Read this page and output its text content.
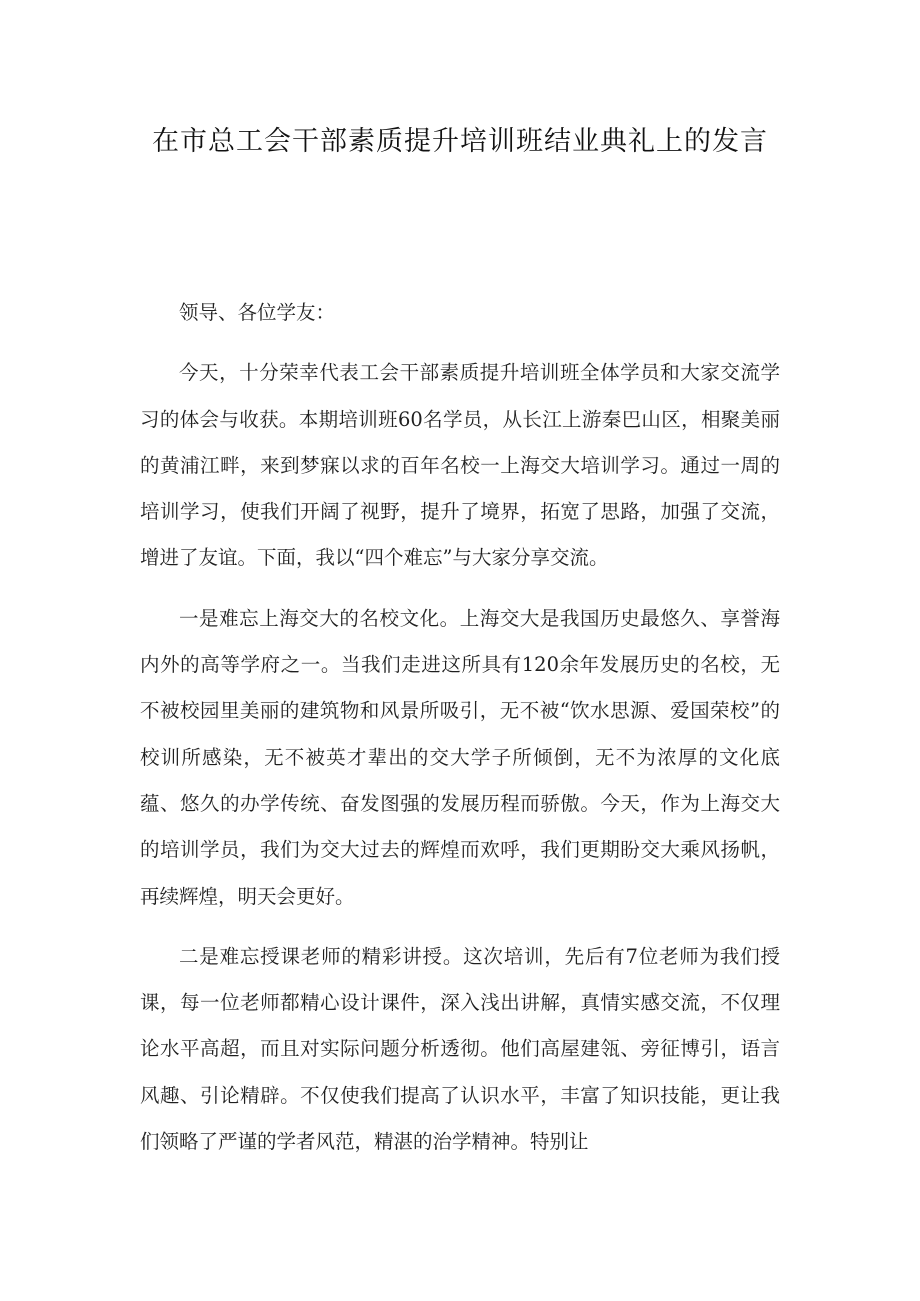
在市总工会干部素质提升培训班结业典礼上的发言

领导、各位学友：

今天，十分荣幸代表工会干部素质提升培训班全体学员和大家交流学习的体会与收获。本期培训班60名学员，从长江上游秦巴山区，相聚美丽的黄浦江畔，来到梦寐以求的百年名校一上海交大培训学习。通过一周的培训学习，使我们开阔了视野，提升了境界，拓宽了思路，加强了交流，增进了友谊。下面，我以“四个难忘”与大家分享交流。

一是难忘上海交大的名校文化。上海交大是我国历史最悠久、享誉海内外的高等学府之一。当我们走进这所具有120余年发展历史的名校，无不被校园里美丽的建筑物和风景所吸引，无不被“饮水思源、爱国荣校”的校训所感染，无不被英才辈出的交大学子所倾倒，无不为浓厚的文化底蕴、悠久的办学传统、奋发图强的发展历程而骄傲。今天，作为上海交大的培训学员，我们为交大过去的辉煌而欢呼，我们更期盼交大乘风扬帆，再续辉煌，明天会更好。

二是难忘授课老师的精彩讲授。这次培训，先后有7位老师为我们授课，每一位老师都精心设计课件，深入浅出讲解，真情实感交流，不仅理论水平高超，而且对实际问题分析透彻。他们高屋建瓴、旁征博引，语言风趣、引论精辟。不仅使我们提高了认识水平，丰富了知识技能，更让我们领略了严谨的学者风范，精湛的治学精神。特别让
